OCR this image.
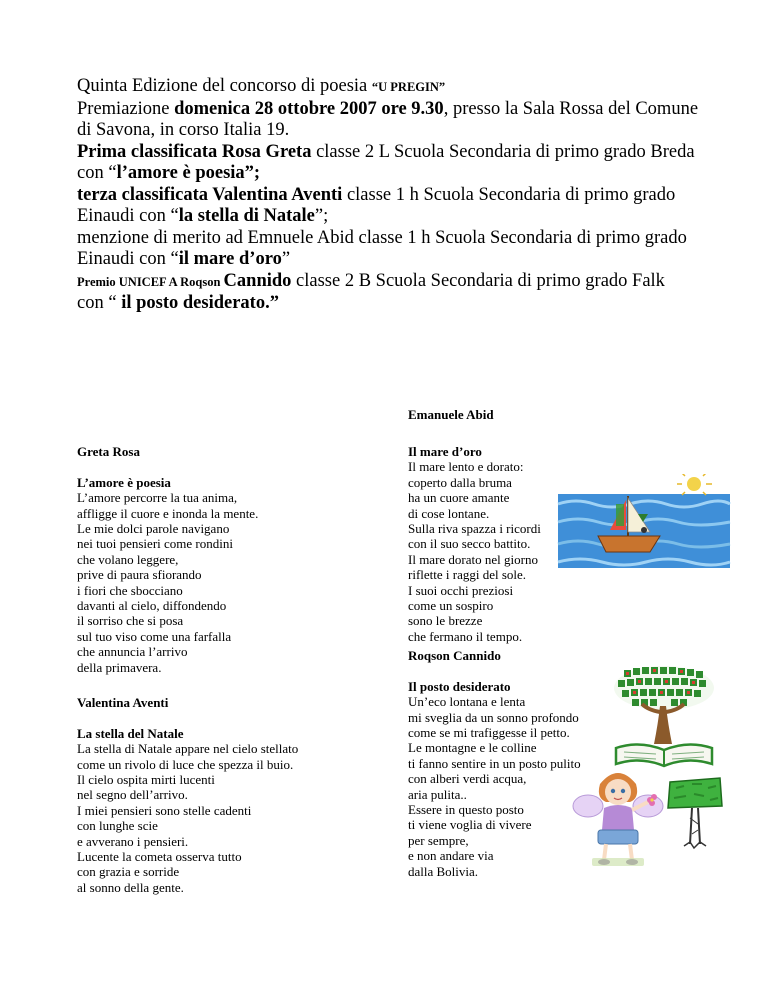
Quinta Edizione del concorso di poesia “U PREGIN”
Premiazione domenica 28 ottobre 2007 ore 9.30, presso la Sala Rossa del Comune
di Savona, in corso Italia 19.
Prima classificata Rosa Greta classe 2 L Scuola Secondaria di primo grado Breda
con “l’amore è poesia”;
terza classificata Valentina Aventi classe 1 h Scuola Secondaria di primo grado
Einaudi con “la stella di Natale”;
menzione di merito ad Emnuele Abid classe 1 h Scuola Secondaria di primo grado
Einaudi con “il mare d’oro”
Premio UNICEF A Roqson Cannido classe 2 B Scuola Secondaria di primo grado Falk
con “ il posto desiderato.”
Emanuele Abid
Greta Rosa
L’amore è poesia
L’amore percorre la tua anima,
affligge il cuore e inonda la mente.
Le mie dolci parole navigano
nei tuoi pensieri come rondini
che volano leggere,
prive di paura sfiorando
i fiori che sbocciano
davanti al cielo, diffondendo
il sorriso che si posa
sul tuo viso come una farfalla
che annuncia l’arrivo
della primavera.
Valentina Aventi
La stella del Natale
La stella di Natale appare nel cielo stellato
come un rivolo di luce che spezza il buio.
Il cielo ospita mirti lucenti
nel segno dell’arrivo.
I miei pensieri sono stelle cadenti
con lunghe scie
e avverano i pensieri.
Lucente la cometa osserva tutto
con grazia e sorride
al sonno della gente.
Il mare d’oro
Il mare lento e dorato:
coperto dalla bruma
ha un cuore amante
di cose lontane.
Sulla riva spazza i ricordi
con il suo secco battito.
Il mare dorato nel giorno
riflette i raggi del sole.
I suoi occhi preziosi
come un sospiro
sono le brezze
che fermano il tempo.
Roqson Cannido
Il posto desiderato
Un’eco lontana e lenta
mi sveglia da un sonno profondo
come se mi trafiggesse il petto.
Le montagne e le colline
ti fanno sentire in un posto pulito
con alberi verdi acqua,
aria pulita..
Essere in questo posto
ti viene voglia di vivere
per sempre,
e non andare via
dalla Bolivia.
